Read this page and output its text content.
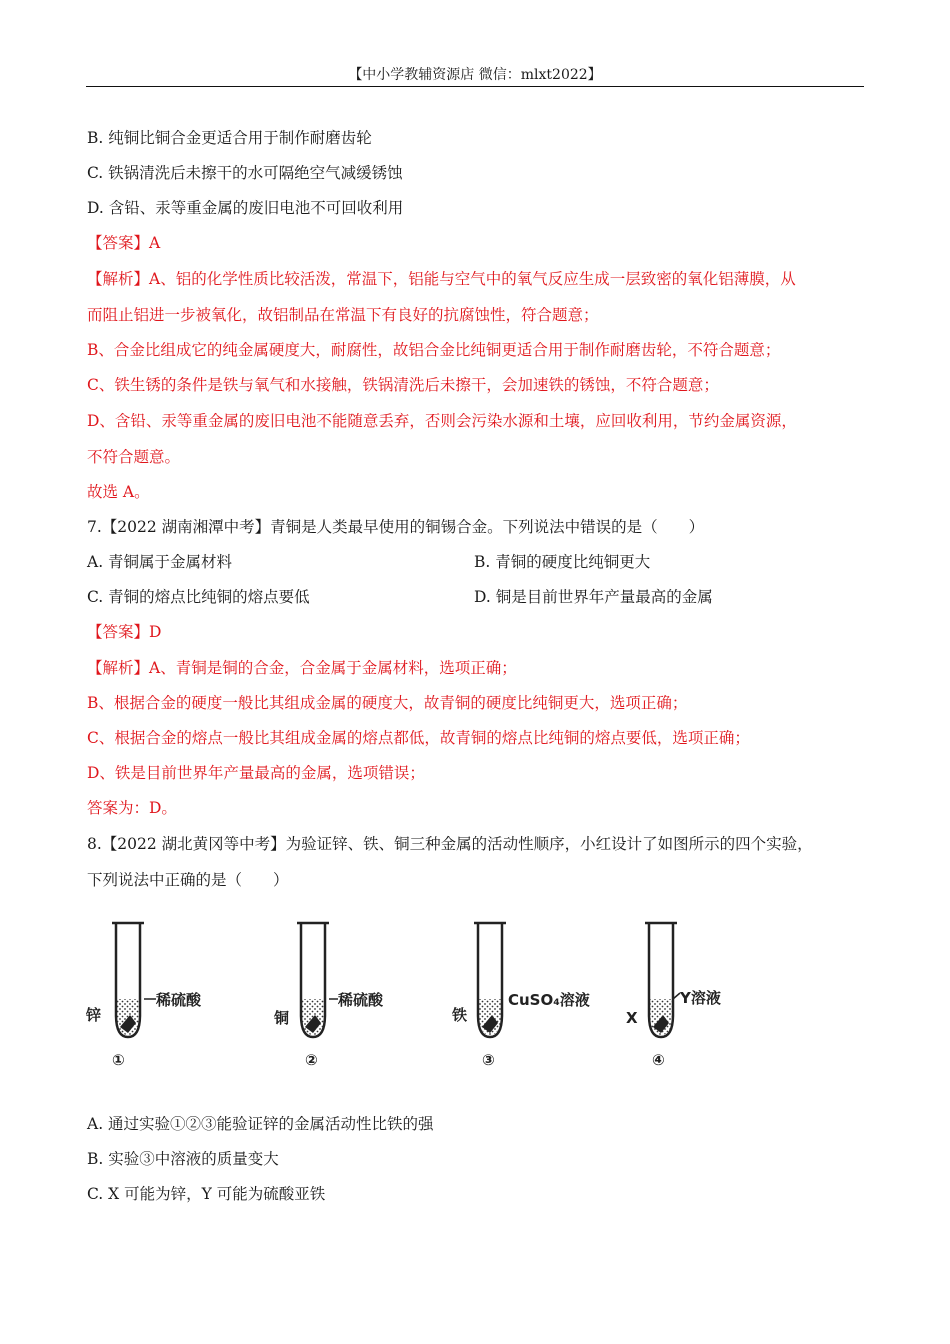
【中小学教辅资源店 微信：mlxt2022】
B. 纯铜比铜合金更适合用于制作耐磨齿轮
C. 铁锅清洗后未擦干的水可隔绝空气减缓锈蚀
D. 含铅、汞等重金属的废旧电池不可回收利用
【答案】A
【解析】A、铝的化学性质比较活泼，常温下，铝能与空气中的氧气反应生成一层致密的氧化铝薄膜，从
而阻止铝进一步被氧化，故铝制品在常温下有良好的抗腐蚀性，符合题意；
B、合金比组成它的纯金属硬度大，耐腐性，故铝合金比纯铜更适合用于制作耐磨齿轮，不符合题意；
C、铁生锈的条件是铁与氧气和水接触，铁锅清洗后未擦干，会加速铁的锈蚀，不符合题意；
D、含铅、汞等重金属的废旧电池不能随意丢弃，否则会污染水源和土壤，应回收利用，节约金属资源，
不符合题意。
故选 A。
7.【2022 湖南湘潭中考】青铜是人类最早使用的铜锡合金。下列说法中错误的是（　　）
A. 青铜属于金属材料	B. 青铜的硬度比纯铜更大
C. 青铜的熔点比纯铜的熔点要低	D. 铜是目前世界年产量最高的金属
【答案】D
【解析】A、青铜是铜的合金，合金属于金属材料，选项正确；
B、根据合金的硬度一般比其组成金属的硬度大，故青铜的硬度比纯铜更大，选项正确；
C、根据合金的熔点一般比其组成金属的熔点都低，故青铜的熔点比纯铜的熔点要低，选项正确；
D、铁是目前世界年产量最高的金属，选项错误；
答案为：D。
8.【2022 湖北黄冈等中考】为验证锌、铁、铜三种金属的活动性顺序，小红设计了如图所示的四个实验，
下列说法中正确的是（　　）
锌
稀硫酸
①
铜
稀硫酸
②
铁
CuSO₄溶液
③
X
Y溶液
④
A. 通过实验①②③能验证锌的金属活动性比铁的强
B. 实验③中溶液的质量变大
C. X 可能为锌，Y 可能为硫酸亚铁
